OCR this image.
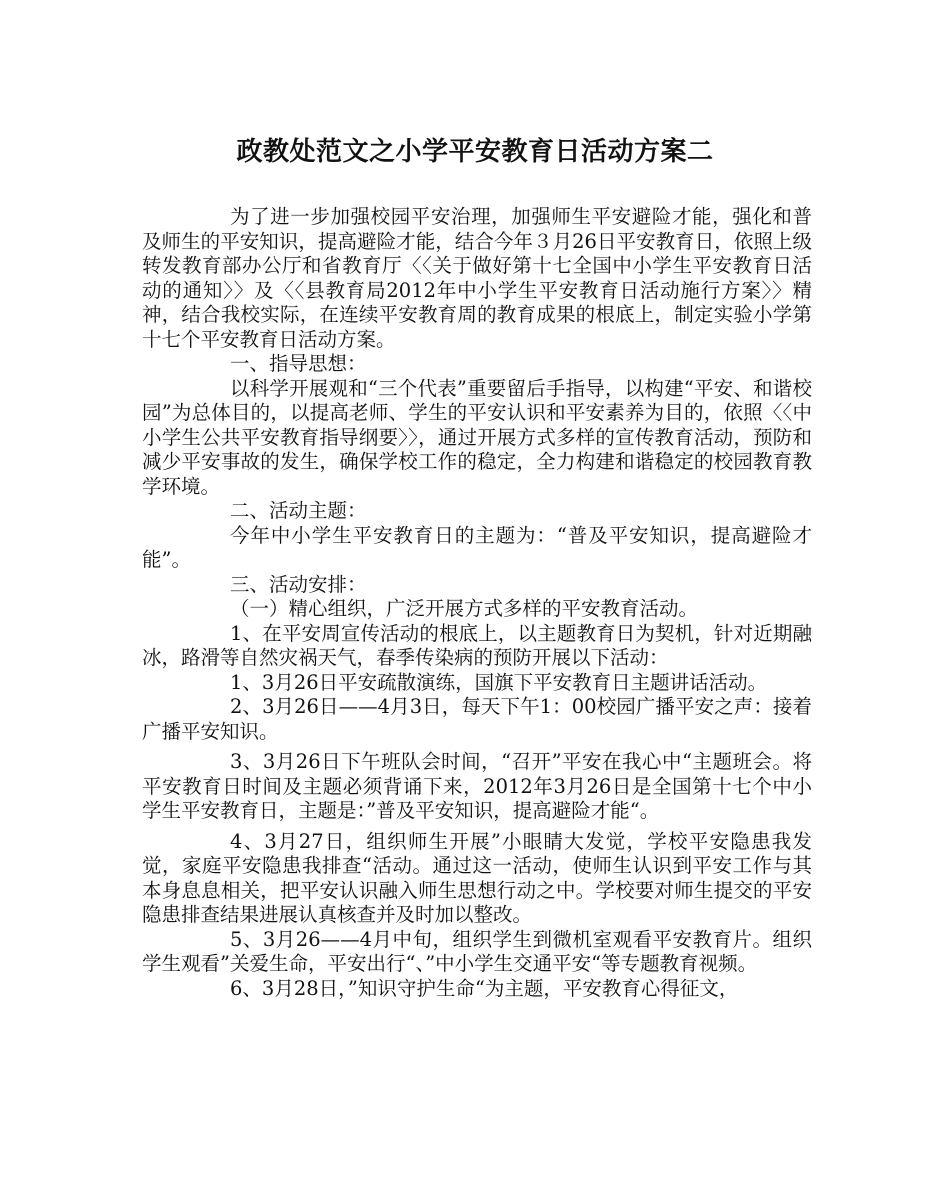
政教处范文之小学平安教育日活动方案二

为了进一步加强校园平安治理，加强师生平安避险才能，强化和普及师生的平安知识，提高避险才能，结合今年３月26日平安教育日，依照上级转发教育部办公厅和省教育厅〈〈关于做好第十七全国中小学生平安教育日活动的通知〉〉及〈〈县教育局2012年中小学生平安教育日活动施行方案〉〉精神，结合我校实际，在连续平安教育周的教育成果的根底上，制定实验小学第十七个平安教育日活动方案。

一、指导思想：

以科学开展观和“三个代表”重要留后手指导，以构建“平安、和谐校园”为总体目的，以提高老师、学生的平安认识和平安素养为目的，依照〈〈中小学生公共平安教育指导纲要〉〉，通过开展方式多样的宣传教育活动，预防和减少平安事故的发生，确保学校工作的稳定，全力构建和谐稳定的校园教育教学环境。

二、活动主题：

今年中小学生平安教育日的主题为：“普及平安知识，提高避险才能”。

三、活动安排：

（一）精心组织，广泛开展方式多样的平安教育活动。

1、在平安周宣传活动的根底上，以主题教育日为契机，针对近期融冰，路滑等自然灾祸天气，春季传染病的预防开展以下活动：

1、3月26日平安疏散演练，国旗下平安教育日主题讲话活动。

2、3月26日——4月3日，每天下午1：00校园广播平安之声：接着广播平安知识。

3、3月26日下午班队会时间，“召开”平安在我心中“主题班会。将平安教育日时间及主题必须背诵下来，2012年3月26日是全国第十七个中小学生平安教育日，主题是：”普及平安知识，提高避险才能“。

4、3月27日，组织师生开展”小眼睛大发觉，学校平安隐患我发觉，家庭平安隐患我排查“活动。通过这一活动，使师生认识到平安工作与其本身息息相关，把平安认识融入师生思想行动之中。学校要对师生提交的平安隐患排查结果进展认真核查并及时加以整改。

5、3月26——4月中旬，组织学生到微机室观看平安教育片。组织学生观看”关爱生命，平安出行“、”中小学生交通平安“等专题教育视频。

6、3月28日，”知识守护生命“为主题，平安教育心得征文，
